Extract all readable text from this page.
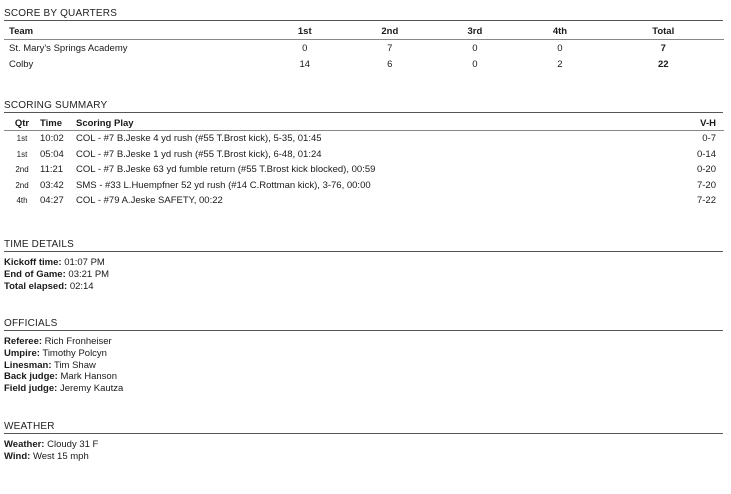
SCORE BY QUARTERS
Team	1st	2nd	3rd	4th	Total
St. Mary's Springs Academy	0	7	0	0	7
Colby	14	6	0	2	22
SCORING SUMMARY
Qtr	Time	Scoring Play	V-H
1st	10:02	COL - #7 B.Jeske 4 yd rush (#55 T.Brost kick), 5-35, 01:45	0-7
1st	05:04	COL - #7 B.Jeske 1 yd rush (#55 T.Brost kick), 6-48, 01:24	0-14
2nd	11:21	COL - #7 B.Jeske 63 yd fumble return (#55 T.Brost kick blocked), 00:59	0-20
2nd	03:42	SMS - #33 L.Huempfner 52 yd rush (#14 C.Rottman kick), 3-76, 00:00	7-20
4th	04:27	COL - #79 A.Jeske SAFETY, 00:22	7-22
TIME DETAILS
Kickoff time: 01:07 PM
End of Game: 03:21 PM
Total elapsed: 02:14
OFFICIALS
Referee: Rich Fronheiser
Umpire: Timothy Polcyn
Linesman: Tim Shaw
Back judge: Mark Hanson
Field judge: Jeremy Kautza
WEATHER
Weather: Cloudy 31 F
Wind: West 15 mph
